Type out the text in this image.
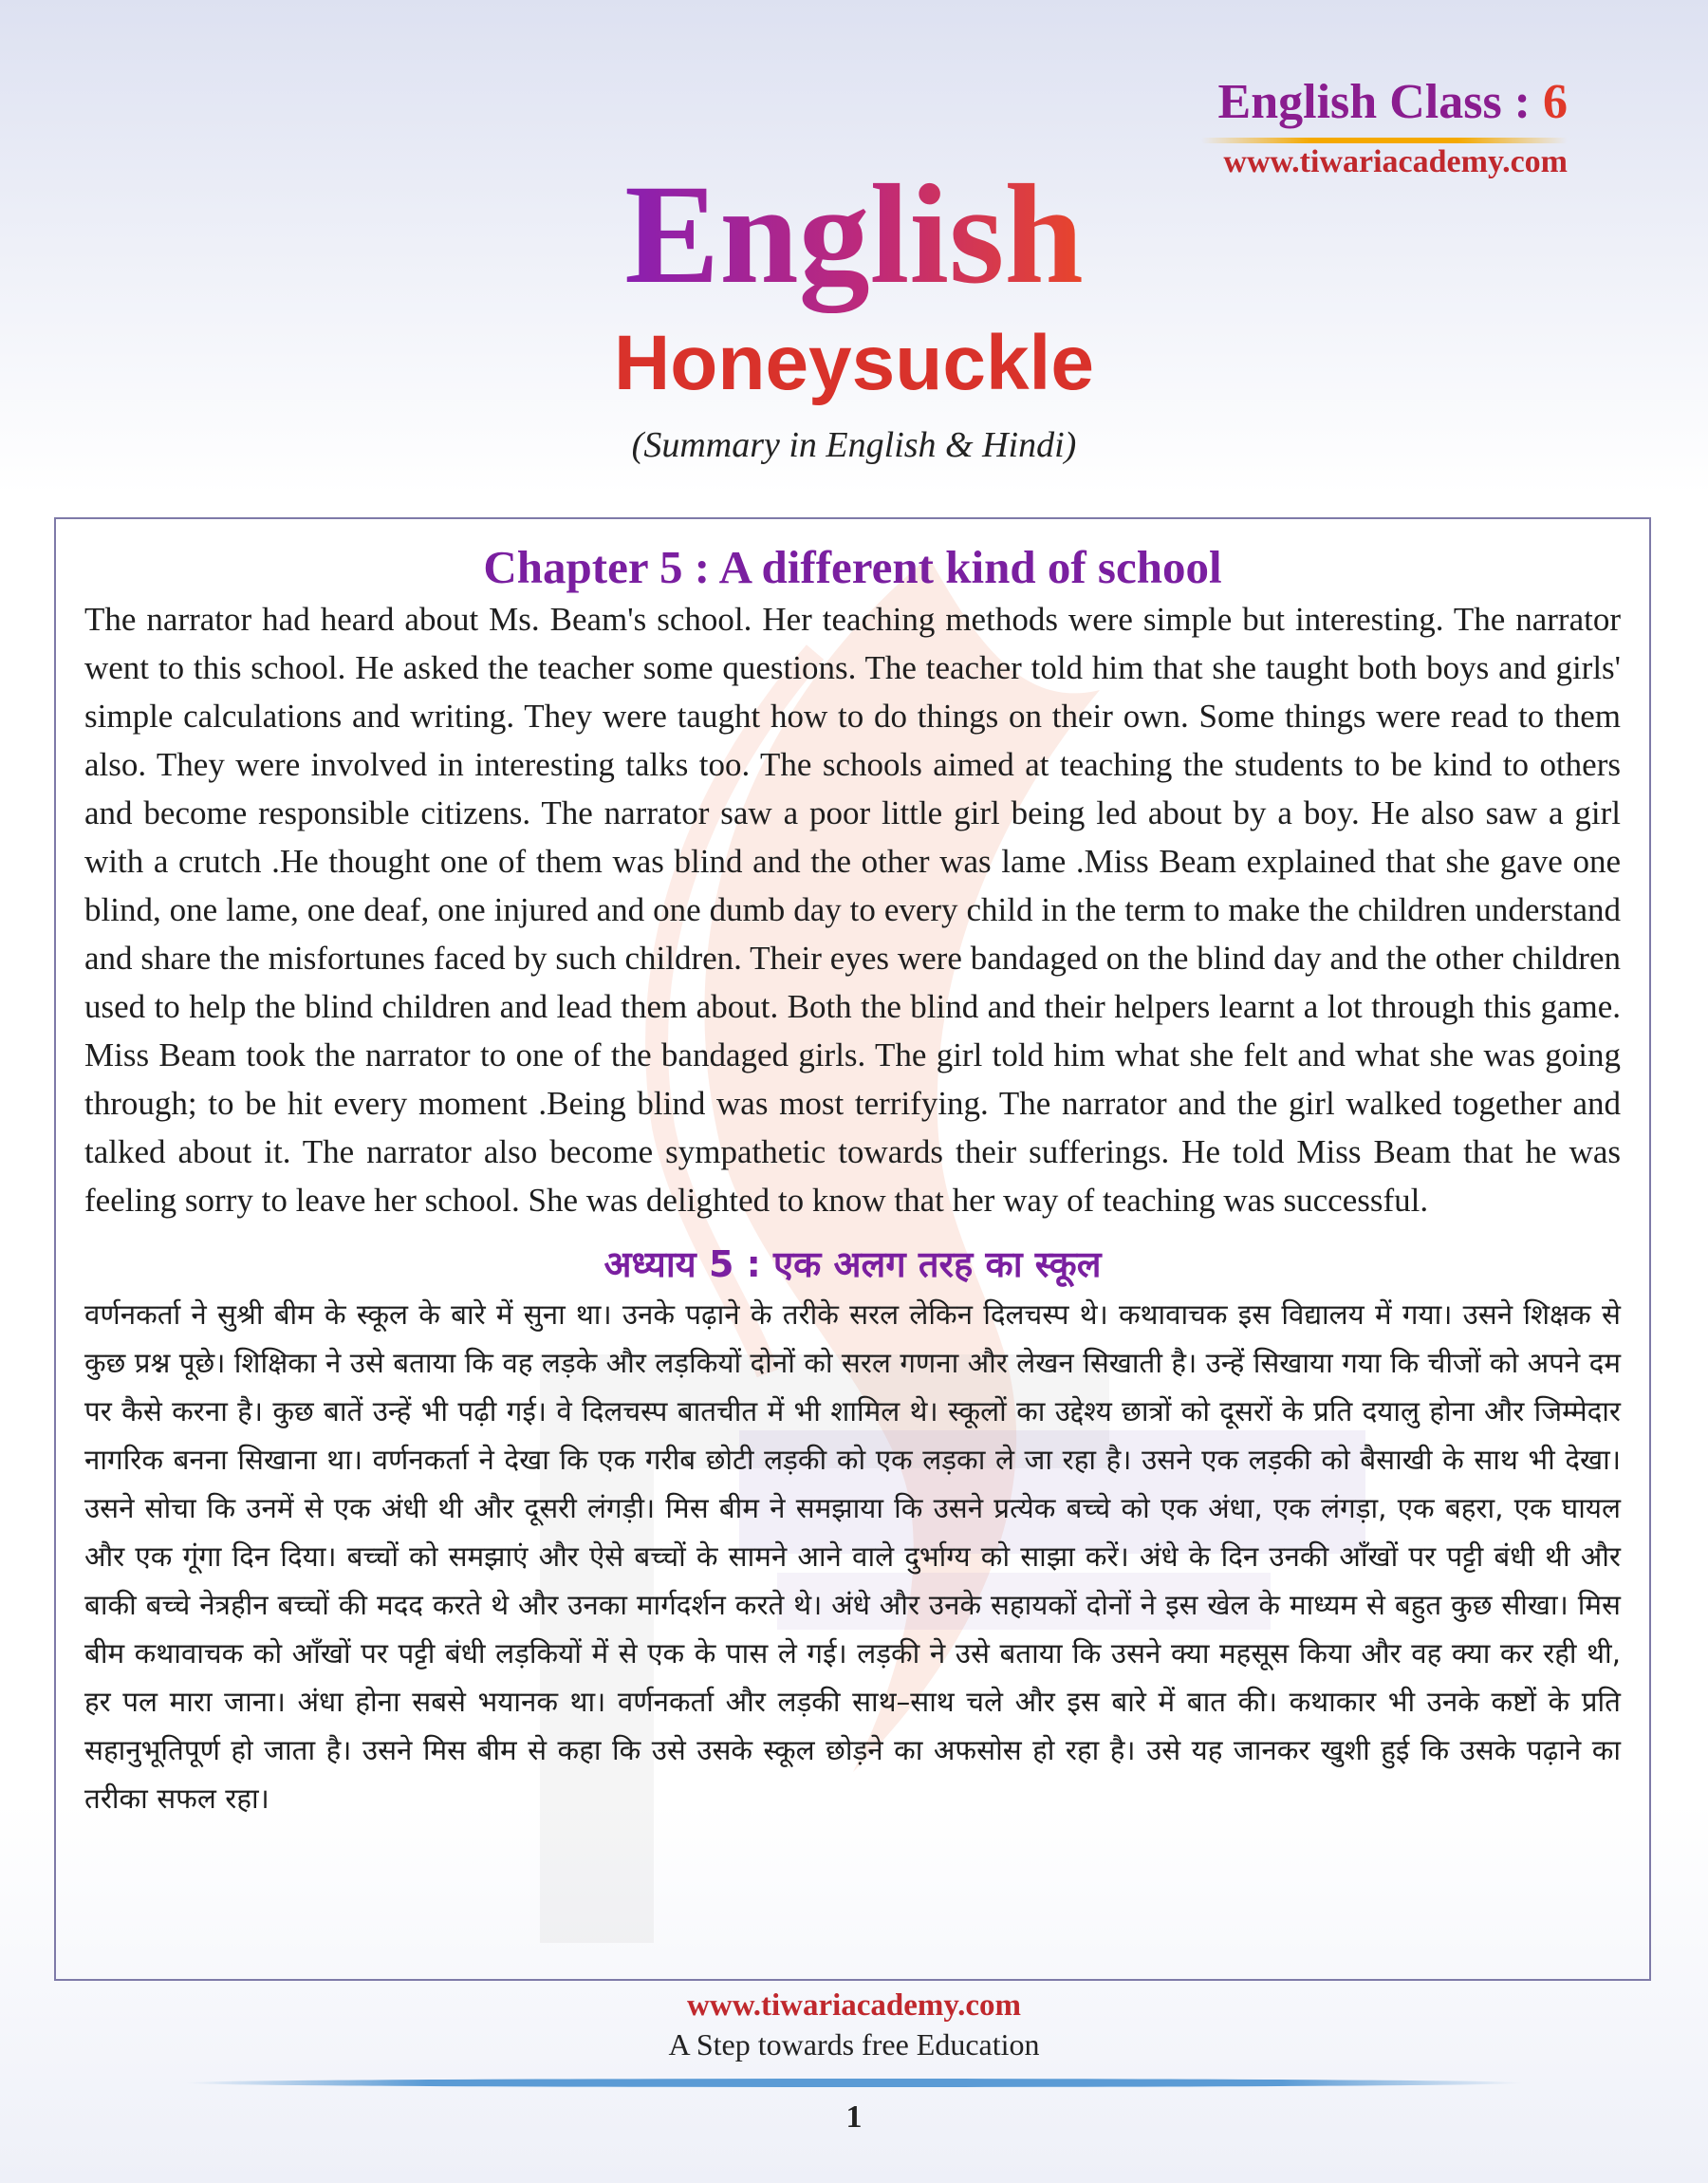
English Class : 6

www.tiwariacademy.com

English
Honeysuckle

(Summary in English & Hindi)

Chapter 5 : A different kind of school

The narrator had heard about Ms. Beam's school. Her teaching methods were simple but interesting. The narrator went to this school. He asked the teacher some questions. The teacher told him that she taught both boys and girls' simple calculations and writing. They were taught how to do things on their own. Some things were read to them also. They were involved in interesting talks too. The schools aimed at teaching the students to be kind to others and become responsible citizens. The narrator saw a poor little girl being led about by a boy. He also saw a girl with a crutch .He thought one of them was blind and the other was lame .Miss Beam explained that she gave one blind, one lame, one deaf, one injured and one dumb day to every child in the term to make the children understand and share the misfortunes faced by such children. Their eyes were bandaged on the blind day and the other children used to help the blind children and lead them about. Both the blind and their helpers learnt a lot through this game. Miss Beam took the narrator to one of the bandaged girls. The girl told him what she felt and what she was going through; to be hit every moment .Being blind was most terrifying. The narrator and the girl walked together and talked about it. The narrator also become sympathetic towards their sufferings. He told Miss Beam that he was feeling sorry to leave her school. She was delighted to know that her way of teaching was successful.

अध्याय 5 : एक अलग तरह का स्कूल

वर्णनकर्ता ने सुश्री बीम के स्कूल के बारे में सुना था। उनके पढ़ाने के तरीके सरल लेकिन दिलचस्प थे। कथावाचक इस विद्यालय में गया। उसने शिक्षक से कुछ प्रश्न पूछे। शिक्षिका ने उसे बताया कि वह लड़के और लड़कियों दोनों को सरल गणना और लेखन सिखाती है। उन्हें सिखाया गया कि चीजों को अपने दम पर कैसे करना है। कुछ बातें उन्हें भी पढ़ी गई। वे दिलचस्प बातचीत में भी शामिल थे। स्कूलों का उद्देश्य छात्रों को दूसरों के प्रति दयालु होना और जिम्मेदार नागरिक बनना सिखाना था। वर्णनकर्ता ने देखा कि एक गरीब छोटी लड़की को एक लड़का ले जा रहा है। उसने एक लड़की को बैसाखी के साथ भी देखा। उसने सोचा कि उनमें से एक अंधी थी और दूसरी लंगड़ी। मिस बीम ने समझाया कि उसने प्रत्येक बच्चे को एक अंधा, एक लंगड़ा, एक बहरा, एक घायल और एक गूंगा दिन दिया। बच्चों को समझाएं और ऐसे बच्चों के सामने आने वाले दुर्भाग्य को साझा करें। अंधे के दिन उनकी आँखों पर पट्टी बंधी थी और बाकी बच्चे नेत्रहीन बच्चों की मदद करते थे और उनका मार्गदर्शन करते थे। अंधे और उनके सहायकों दोनों ने इस खेल के माध्यम से बहुत कुछ सीखा। मिस बीम कथावाचक को आँखों पर पट्टी बंधी लड़कियों में से एक के पास ले गई। लड़की ने उसे बताया कि उसने क्या महसूस किया और वह क्या कर रही थी, हर पल मारा जाना। अंधा होना सबसे भयानक था। वर्णनकर्ता और लड़की साथ–साथ चले और इस बारे में बात की। कथाकार भी उनके कष्टों के प्रति सहानुभूतिपूर्ण हो जाता है। उसने मिस बीम से कहा कि उसे उसके स्कूल छोड़ने का अफसोस हो रहा है। उसे यह जानकर खुशी हुई कि उसके पढ़ाने का तरीका सफल रहा।

www.tiwariacademy.com

A Step towards free Education

1
